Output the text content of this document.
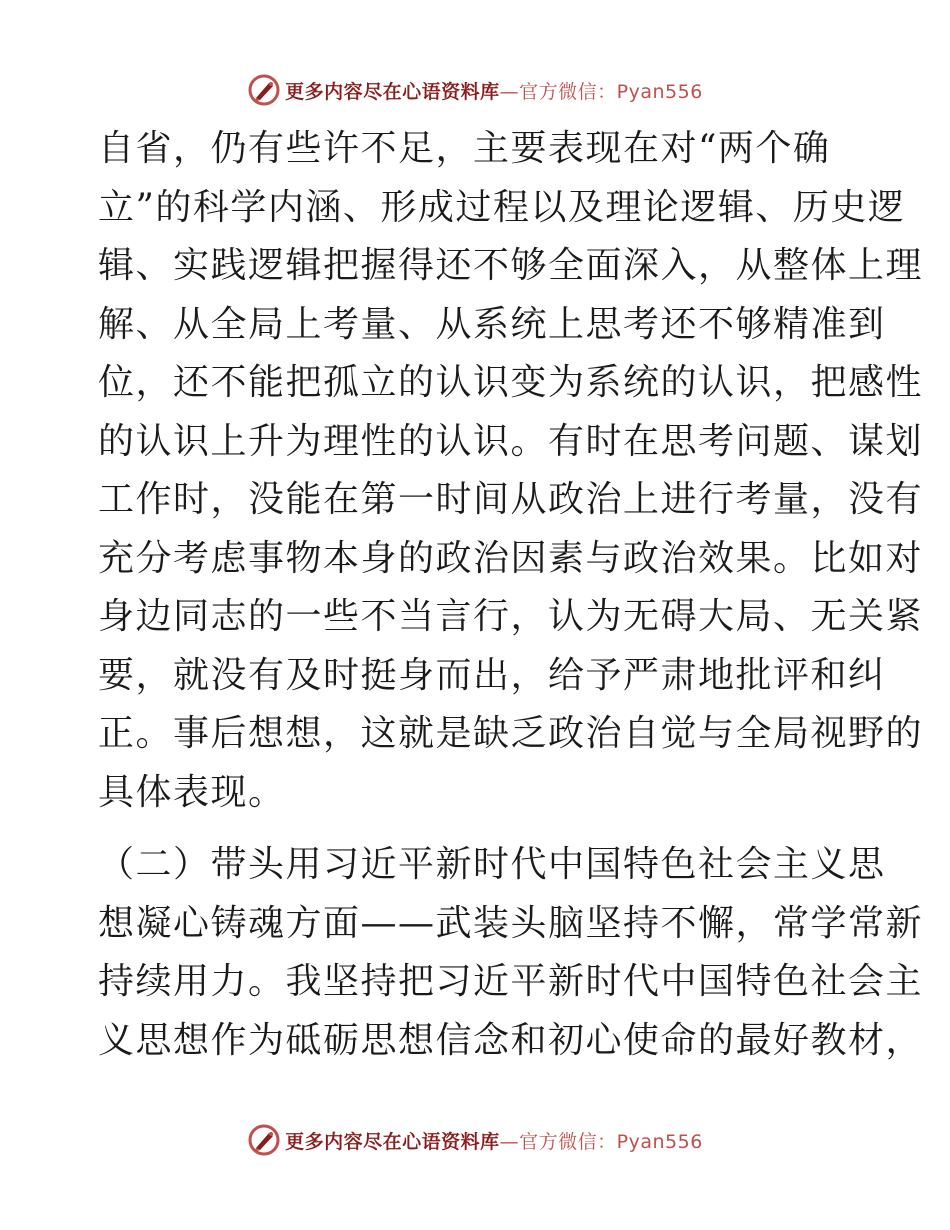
更多内容尽在心语资料库—官方微信：Pyan556
自省，仍有些许不足，主要表现在对“两个确
立”的科学内涵、形成过程以及理论逻辑、历史逻
辑、实践逻辑把握得还不够全面深入，从整体上理
解、从全局上考量、从系统上思考还不够精准到
位，还不能把孤立的认识变为系统的认识，把感性
的认识上升为理性的认识。有时在思考问题、谋划
工作时，没能在第一时间从政治上进行考量，没有
充分考虑事物本身的政治因素与政治效果。比如对
身边同志的一些不当言行，认为无碍大局、无关紧
要，就没有及时挺身而出，给予严肃地批评和纠
正。事后想想，这就是缺乏政治自觉与全局视野的
具体表现。
（二）带头用习近平新时代中国特色社会主义思
想凝心铸魂方面——武装头脑坚持不懈，常学常新
持续用力。我坚持把习近平新时代中国特色社会主
义思想作为砥砺思想信念和初心使命的最好教材，
更多内容尽在心语资料库—官方微信：Pyan556
